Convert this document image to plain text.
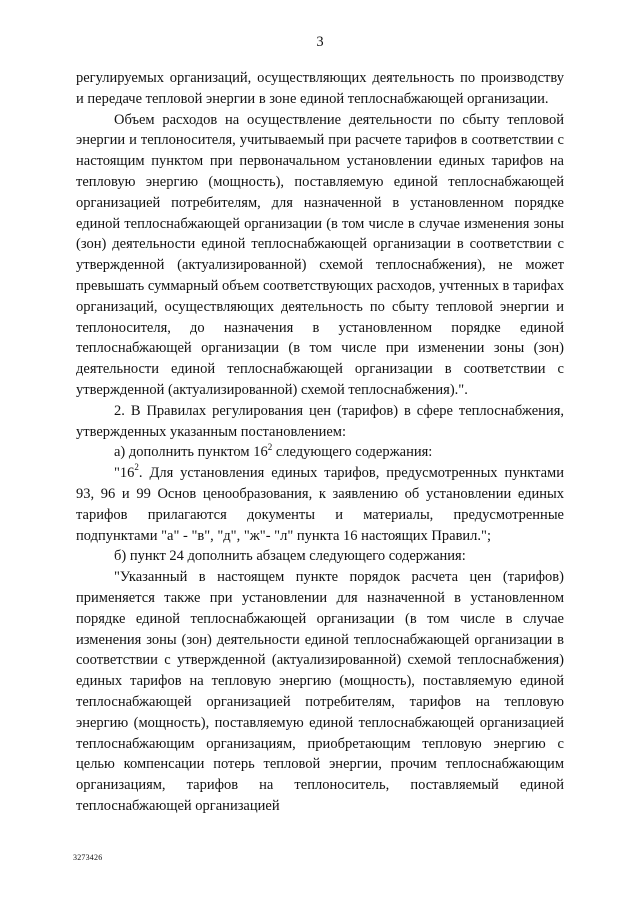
3

регулируемых организаций, осуществляющих деятельность по производству и передаче тепловой энергии в зоне единой теплоснабжающей организации.

Объем расходов на осуществление деятельности по сбыту тепловой энергии и теплоносителя, учитываемый при расчете тарифов в соответствии с настоящим пунктом при первоначальном установлении единых тарифов на тепловую энергию (мощность), поставляемую единой теплоснабжающей организацией потребителям, для назначенной в установленном порядке единой теплоснабжающей организации (в том числе в случае изменения зоны (зон) деятельности единой теплоснабжающей организации в соответствии с утвержденной (актуализированной) схемой теплоснабжения), не может превышать суммарный объем соответствующих расходов, учтенных в тарифах организаций, осуществляющих деятельность по сбыту тепловой энергии и теплоносителя, до назначения в установленном порядке единой теплоснабжающей организации (в том числе при изменении зоны (зон) деятельности единой теплоснабжающей организации в соответствии с утвержденной (актуализированной) схемой теплоснабжения).".

2. В Правилах регулирования цен (тарифов) в сфере теплоснабжения, утвержденных указанным постановлением:

а) дополнить пунктом $16^2$ следующего содержания:

"$16^2$. Для установления единых тарифов, предусмотренных пунктами 93, 96 и 99 Основ ценообразования, к заявлению об установлении единых тарифов прилагаются документы и материалы, предусмотренные подпунктами "а" - "в", "д", "ж"- "л" пункта 16 настоящих Правил.";

б) пункт 24 дополнить абзацем следующего содержания:

"Указанный в настоящем пункте порядок расчета цен (тарифов) применяется также при установлении для назначенной в установленном порядке единой теплоснабжающей организации (в том числе в случае изменения зоны (зон) деятельности единой теплоснабжающей организации в соответствии с утвержденной (актуализированной) схемой теплоснабжения) единых тарифов на тепловую энергию (мощность), поставляемую единой теплоснабжающей организацией потребителям, тарифов на тепловую энергию (мощность), поставляемую единой теплоснабжающей организацией теплоснабжающим организациям, приобретающим тепловую энергию с целью компенсации потерь тепловой энергии, прочим теплоснабжающим организациям, тарифов на теплоноситель, поставляемый единой теплоснабжающей организацией

3273426
